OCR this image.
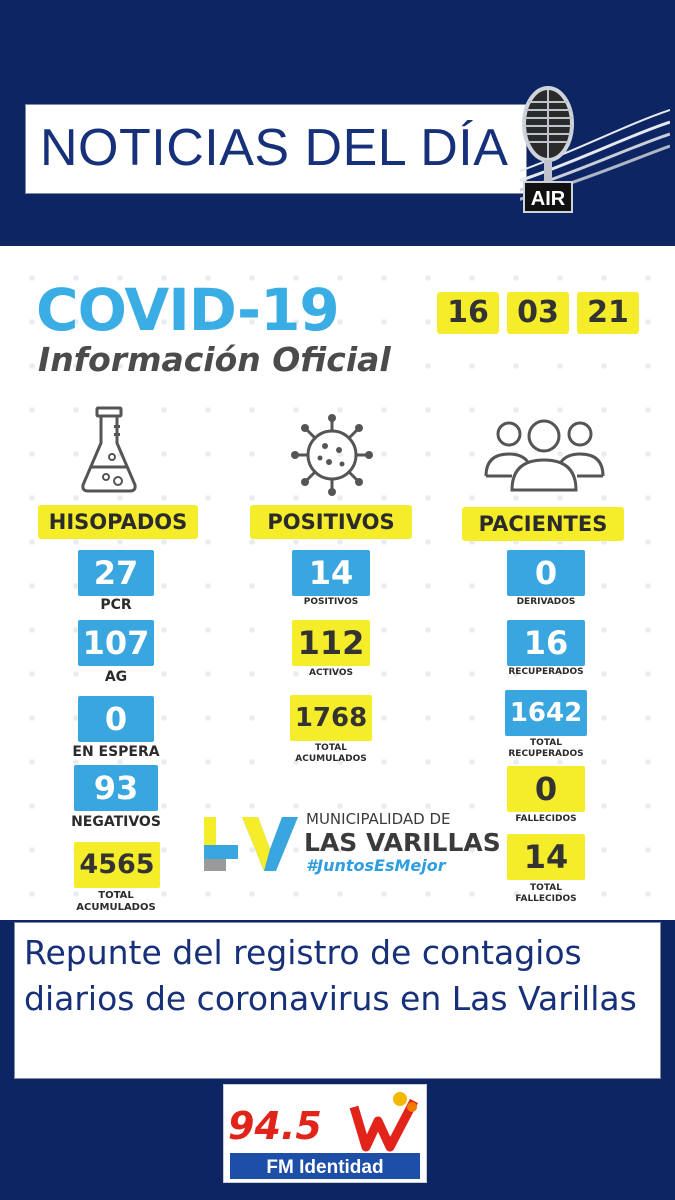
NOTICIAS DEL DÍA
AIR
COVID-19
Información Oficial
16 03 21
HISOPADOS	POSITIVOS	PACIENTES
27
PCR
107
AG
0
EN ESPERA
93
NEGATIVOS
4565
TOTAL
ACUMULADOS
14
POSITIVOS
112
ACTIVOS
1768
TOTAL
ACUMULADOS
0
DERIVADOS
16
RECUPERADOS
1642
TOTAL
RECUPERADOS
0
FALLECIDOS
14
TOTAL
FALLECIDOS
MUNICIPALIDAD DE
LAS VARILLAS
#JuntosEsMejor
Repunte del registro de contagios diarios de coronavirus en Las Varillas
94.5
FM Identidad
